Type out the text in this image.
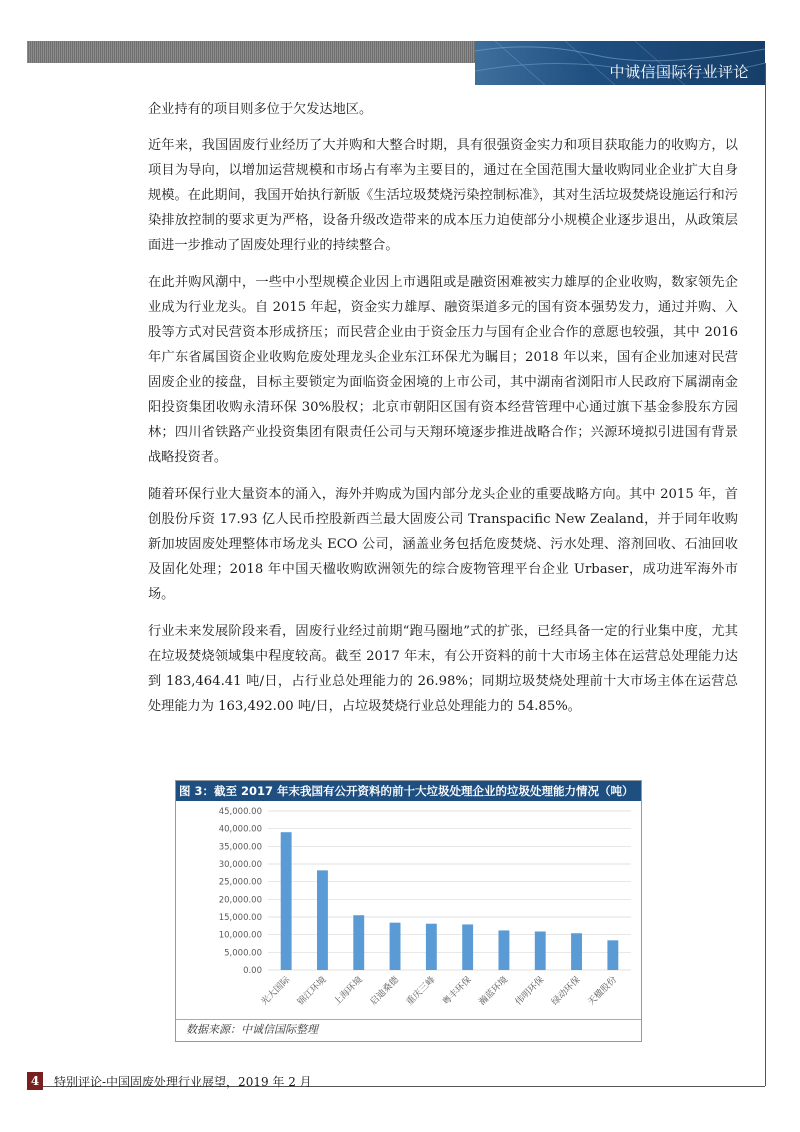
中诚信国际行业评论

企业持有的项目则多位于欠发达地区。

近年来，我国固废行业经历了大并购和大整合时期，具有很强资金实力和项目获取能力的收购方，以项目为导向，以增加运营规模和市场占有率为主要目的，通过在全国范围大量收购同业企业扩大自身规模。在此期间，我国开始执行新版《生活垃圾焚烧污染控制标准》，其对生活垃圾焚烧设施运行和污染排放控制的要求更为严格，设备升级改造带来的成本压力迫使部分小规模企业逐步退出，从政策层面进一步推动了固废处理行业的持续整合。

在此并购风潮中，一些中小型规模企业因上市遇阻或是融资困难被实力雄厚的企业收购，数家领先企业成为行业龙头。自 2015 年起，资金实力雄厚、融资渠道多元的国有资本强势发力，通过并购、入股等方式对民营资本形成挤压；而民营企业由于资金压力与国有企业合作的意愿也较强，其中 2016 年广东省属国资企业收购危废处理龙头企业东江环保尤为瞩目；2018 年以来，国有企业加速对民营固废企业的接盘，目标主要锁定为面临资金困境的上市公司，其中湖南省浏阳市人民政府下属湖南金阳投资集团收购永清环保 30%股权；北京市朝阳区国有资本经营管理中心通过旗下基金参股东方园林；四川省铁路产业投资集团有限责任公司与天翔环境逐步推进战略合作；兴源环境拟引进国有背景战略投资者。

随着环保行业大量资本的涌入，海外并购成为国内部分龙头企业的重要战略方向。其中 2015 年，首创股份斥资 17.93 亿人民币控股新西兰最大固废公司 Transpacific New Zealand，并于同年收购新加坡固废处理整体市场龙头 ECO 公司，涵盖业务包括危废焚烧、污水处理、溶剂回收、石油回收及固化处理；2018 年中国天楹收购欧洲领先的综合废物管理平台企业 Urbaser，成功进军海外市场。

行业未来发展阶段来看，固废行业经过前期“跑马圈地”式的扩张，已经具备一定的行业集中度，尤其在垃圾焚烧领域集中程度较高。截至 2017 年末，有公开资料的前十大市场主体在运营总处理能力达到 183,464.41 吨/日，占行业总处理能力的 26.98%；同期垃圾焚烧处理前十大市场主体在运营总处理能力为 163,492.00 吨/日，占垃圾焚烧行业总处理能力的 54.85%。

图 3：截至 2017 年末我国有公开资料的前十大垃圾处理企业的垃圾处理能力情况（吨）
0.00
5,000.00
10,000.00
15,000.00
20,000.00
25,000.00
30,000.00
35,000.00
40,000.00
45,000.00
光大国际 锦江环境 上海环境 启迪桑德 重庆三峰 粤丰环保 瀚蓝环境 伟明环保 绿动环保 天楹股份
数据来源：中诚信国际整理
4	特别评论-中国固废处理行业展望，2019 年 2 月
